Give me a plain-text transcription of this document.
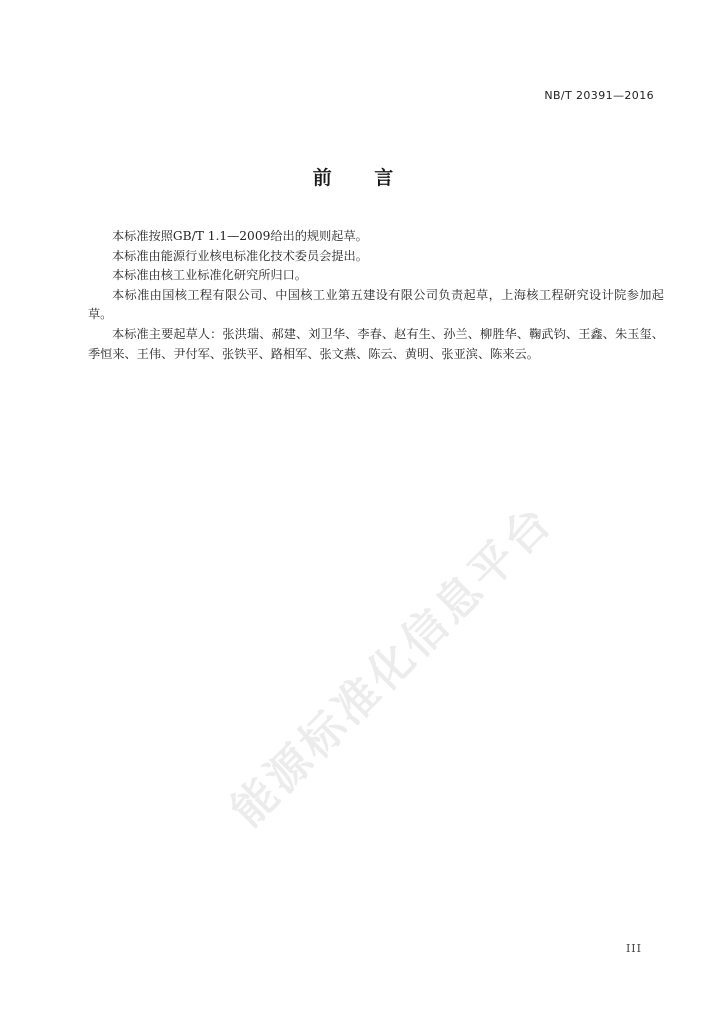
NB/T 20391—2016
前 言

本标准按照GB/T 1.1—2009给出的规则起草。

本标准由能源行业核电标准化技术委员会提出。

本标准由核工业标准化研究所归口。

本标准由国核工程有限公司、中国核工业第五建设有限公司负责起草，上海核工程研究设计院参加起草。

本标准主要起草人：张洪瑞、郝建、刘卫华、李春、赵有生、孙兰、柳胜华、鞠武钧、王鑫、朱玉玺、季恒来、王伟、尹付军、张铁平、路相军、张文燕、陈云、黄明、张亚滨、陈来云。

能源标准化信息平台
III
